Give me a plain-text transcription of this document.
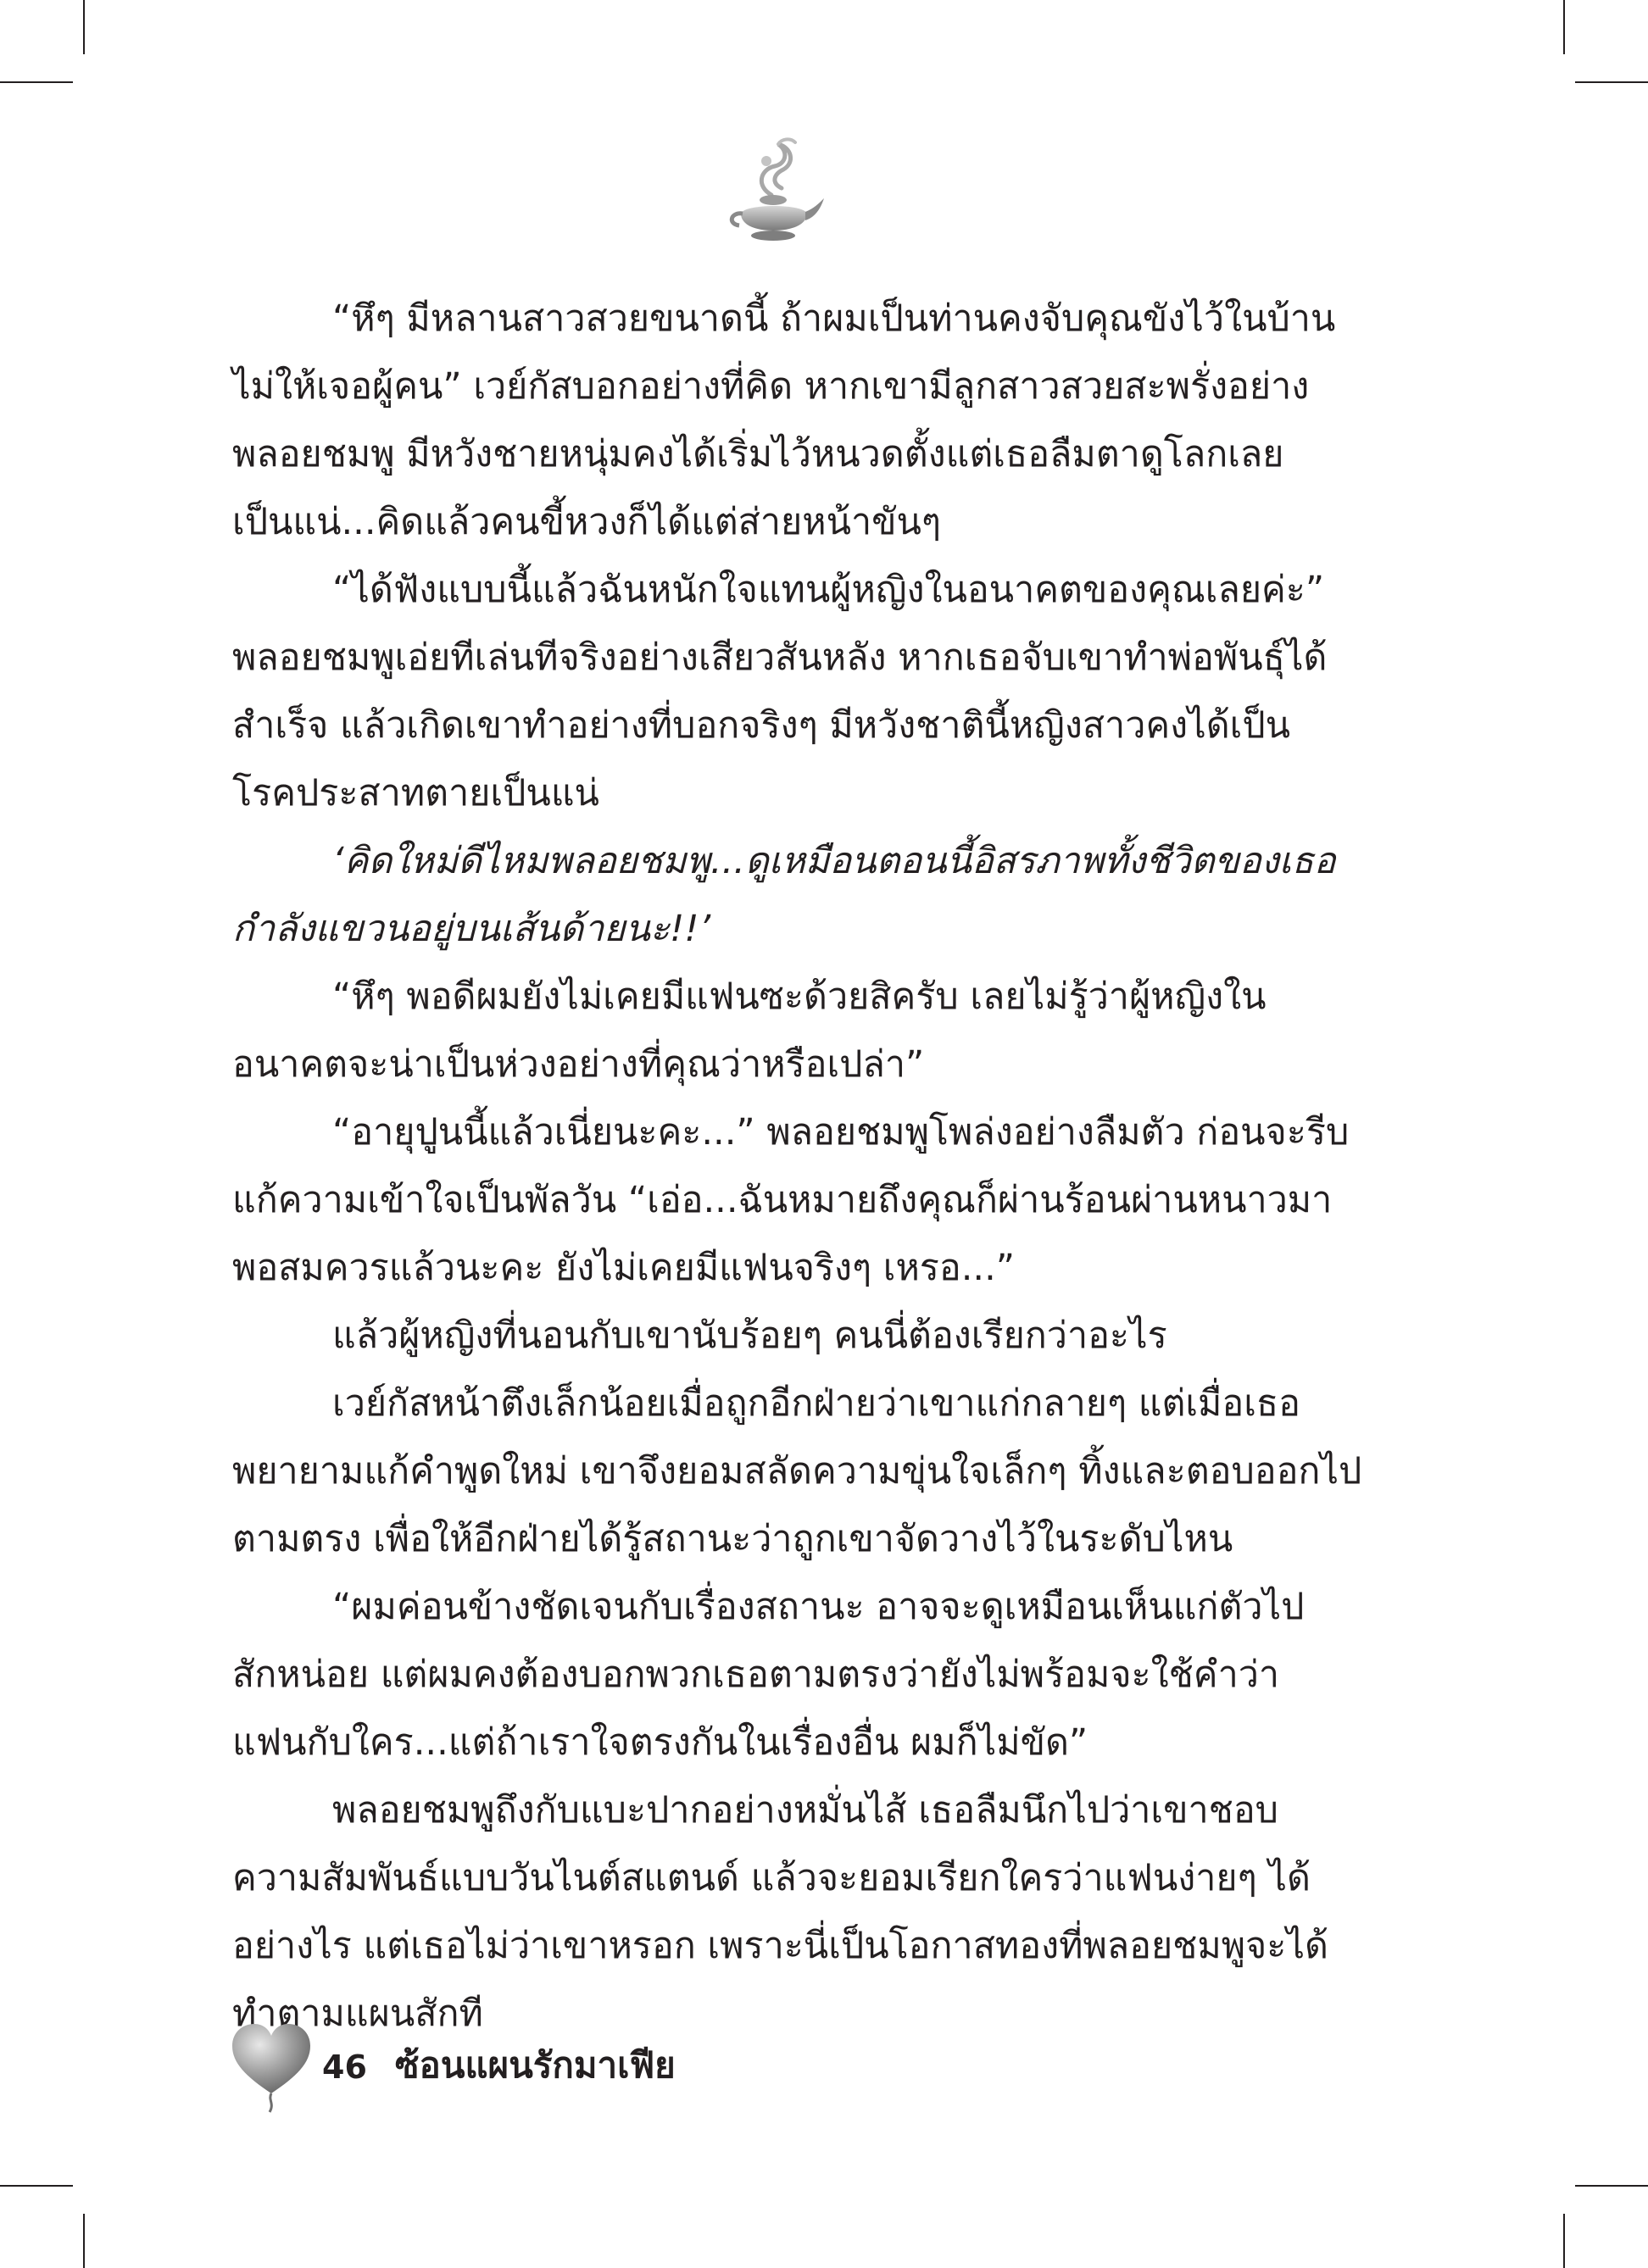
“หึๆ มีหลานสาวสวยขนาดนี้ ถ้าผมเป็นท่านคงจับคุณขังไว้ในบ้าน
ไม่ให้เจอผู้คน” เวย์กัสบอกอย่างที่คิด หากเขามีลูกสาวสวยสะพรั่งอย่าง
พลอยชมพู มีหวังชายหนุ่มคงได้เริ่มไว้หนวดตั้งแต่เธอลืมตาดูโลกเลย
เป็นแน่...คิดแล้วคนขี้หวงก็ได้แต่ส่ายหน้าขันๆ
“ได้ฟังแบบนี้แล้วฉันหนักใจแทนผู้หญิงในอนาคตของคุณเลยค่ะ”
พลอยชมพูเอ่ยทีเล่นทีจริงอย่างเสียวสันหลัง หากเธอจับเขาทำพ่อพันธุ์ได้
สำเร็จ แล้วเกิดเขาทำอย่างที่บอกจริงๆ มีหวังชาตินี้หญิงสาวคงได้เป็น
โรคประสาทตายเป็นแน่
‘คิดใหม่ดีไหมพลอยชมพู...ดูเหมือนตอนนี้อิสรภาพทั้งชีวิตของเธอ
กำลังแขวนอยู่บนเส้นด้ายนะ!!’
“หึๆ พอดีผมยังไม่เคยมีแฟนซะด้วยสิครับ เลยไม่รู้ว่าผู้หญิงใน
อนาคตจะน่าเป็นห่วงอย่างที่คุณว่าหรือเปล่า”
“อายุปูนนี้แล้วเนี่ยนะคะ...” พลอยชมพูโพล่งอย่างลืมตัว ก่อนจะรีบ
แก้ความเข้าใจเป็นพัลวัน “เอ่อ...ฉันหมายถึงคุณก็ผ่านร้อนผ่านหนาวมา
พอสมควรแล้วนะคะ ยังไม่เคยมีแฟนจริงๆ เหรอ...”
แล้วผู้หญิงที่นอนกับเขานับร้อยๆ คนนี่ต้องเรียกว่าอะไร
เวย์กัสหน้าตึงเล็กน้อยเมื่อถูกอีกฝ่ายว่าเขาแก่กลายๆ แต่เมื่อเธอ
พยายามแก้คำพูดใหม่ เขาจึงยอมสลัดความขุ่นใจเล็กๆ ทิ้งและตอบออกไป
ตามตรง เพื่อให้อีกฝ่ายได้รู้สถานะว่าถูกเขาจัดวางไว้ในระดับไหน
“ผมค่อนข้างชัดเจนกับเรื่องสถานะ อาจจะดูเหมือนเห็นแก่ตัวไป
สักหน่อย แต่ผมคงต้องบอกพวกเธอตามตรงว่ายังไม่พร้อมจะใช้คำว่า
แฟนกับใคร...แต่ถ้าเราใจตรงกันในเรื่องอื่น ผมก็ไม่ขัด”
พลอยชมพูถึงกับแบะปากอย่างหมั่นไส้ เธอลืมนึกไปว่าเขาชอบ
ความสัมพันธ์แบบวันไนต์สแตนด์ แล้วจะยอมเรียกใครว่าแฟนง่ายๆ ได้
อย่างไร แต่เธอไม่ว่าเขาหรอก เพราะนี่เป็นโอกาสทองที่พลอยชมพูจะได้
ทำตามแผนสักที
46 ซ้อนแผนรักมาเฟีย
